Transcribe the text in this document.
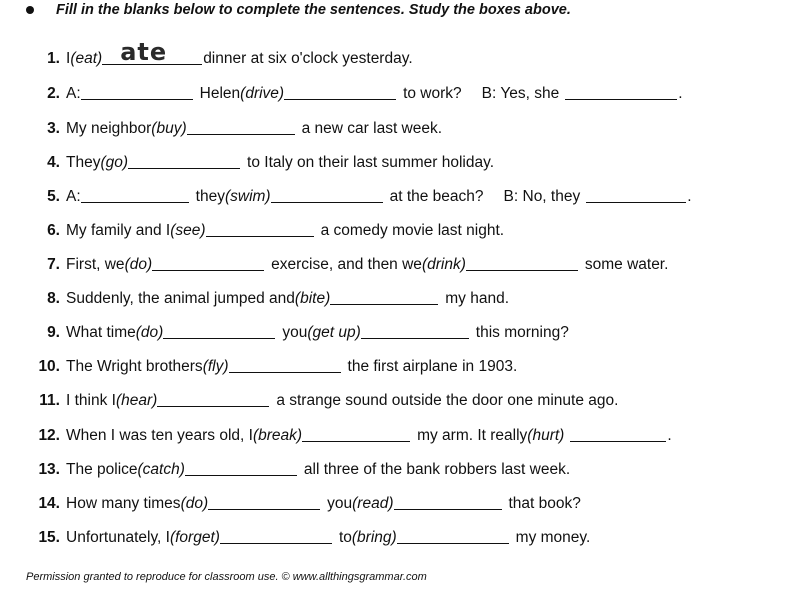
Fill in the blanks below to complete the sentences. Study the boxes above.
1. I (eat) ate dinner at six o'clock yesterday.
2. A:	Helen (drive)	to work? B: Yes, she	.
3. My neighbor (buy)	a new car last week.
4. They (go)	to Italy on their last summer holiday.
5. A:	they (swim)	at the beach? B: No, they	.
6. My family and I (see)	a comedy movie last night.
7. First, we (do)	exercise, and then we (drink)	some water.
8. Suddenly, the animal jumped and (bite)	my hand.
9. What time (do)	you (get up)	this morning?
10. The Wright brothers (fly)	the first airplane in 1903.
11. I think I (hear)	a strange sound outside the door one minute ago.
12. When I was ten years old, I (break)	my arm. It really (hurt)	.
13. The police (catch)	all three of the bank robbers last week.
14. How many times (do)	you (read)	that book?
15. Unfortunately, I (forget)	to (bring)	my money.
Permission granted to reproduce for classroom use. © www.allthingsgrammar.com
